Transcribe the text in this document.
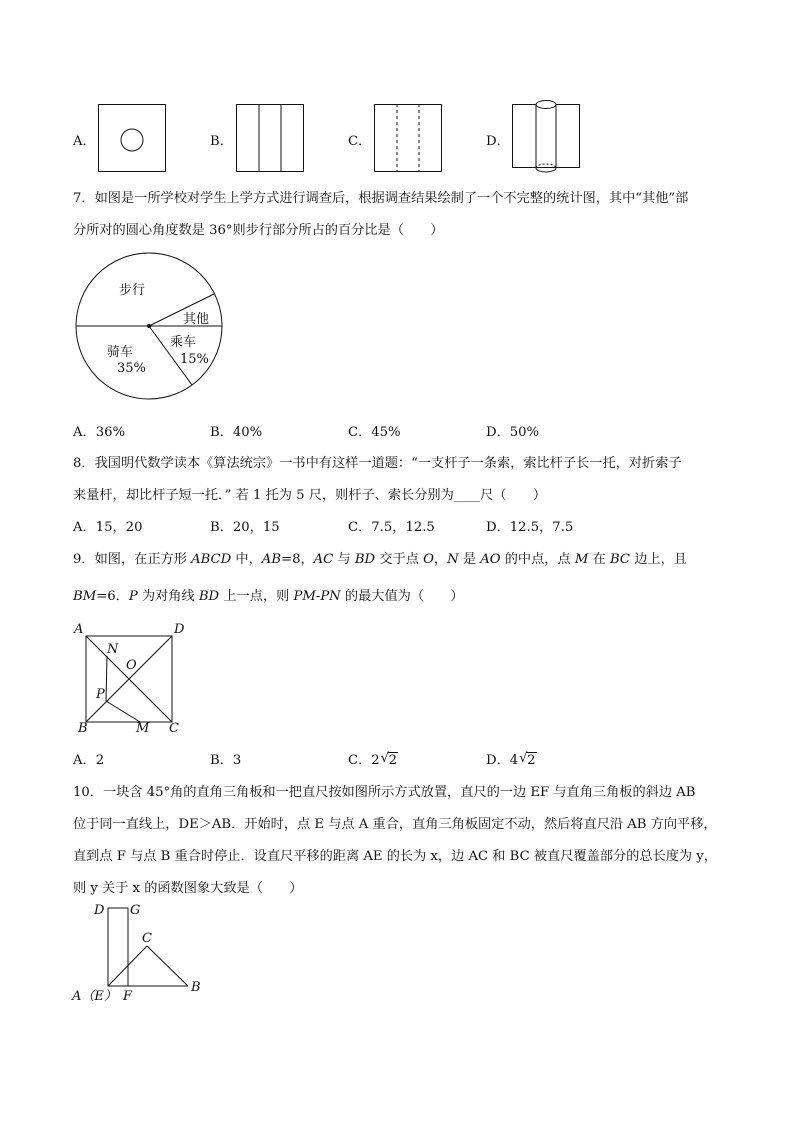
A．	B．	C．	D．
7．如图是一所学校对学生上学方式进行调查后，根据调查结果绘制了一个不完整的统计图，其中“其他”部
分所对的圆心角度数是 36°则步行部分所占的百分比是（　　）
步行
其他
乘车
15%
骑车
35%
A．36%	B．40%	C．45%	D．50%
8．我国明代数学读本《算法统宗》一书中有这样一道题：“一支杆子一条索，索比杆子长一托，对折索子
来量杆，却比杆子短一托．” 若 1 托为 5 尺，则杆子、索长分别为____尺（　　）
A．15，20	B．20，15	C．7.5，12.5	D．12.5，7.5
9．如图，在正方形 ABCD 中，AB=8，AC 与 BD 交于点 O，N 是 AO 的中点，点 M 在 BC 边上，且
BM=6．P 为对角线 BD 上一点，则 PM-PN 的最大值为（　　）
A	D
N
O
P
B	M C
A．2	B．3	C．2 √ 2	D．4 √ 2
10．一块含 45°角的直角三角板和一把直尺按如图所示方式放置，直尺的一边 EF 与直角三角板的斜边 AB
位于同一直线上，DE＞AB．开始时，点 E 与点 A 重合，直角三角板固定不动，然后将直尺沿 AB 方向平移，
直到点 F 与点 B 重合时停止．设直尺平移的距离 AE 的长为 x，边 AC 和 BC 被直尺覆盖部分的总长度为 y，
则 y 关于 x 的函数图象大致是（　　）
D G
C
A（E） F
B
